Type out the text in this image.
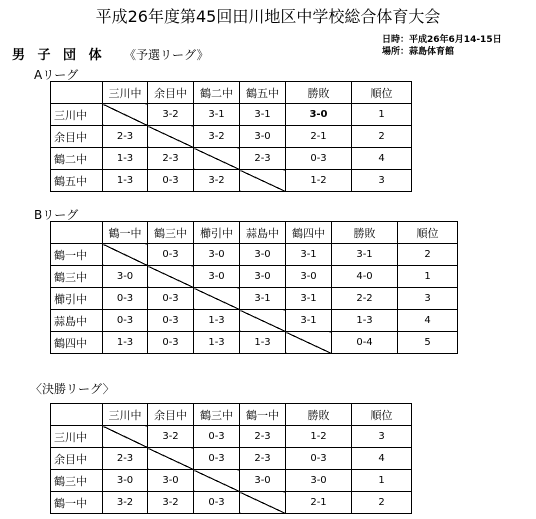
平成26年度第45回田川地区中学校総合体育大会
日時：平成26年6月14-15日
場所：蒜島体育館
男 子 団 体 《予選リーグ》
Aリーグ
	三川中	余目中	鶴二中	鶴五中	勝敗	順位
三川中		3-2	3-1	3-1	3-0	1
余目中	2-3		3-2	3-0	2-1	2
鶴二中	1-3	2-3		2-3	0-3	4
鶴五中	1-3	0-3	3-2		1-2	3
Bリーグ
	鶴一中	鶴三中	櫛引中	蒜島中	鶴四中	勝敗	順位
鶴一中		0-3	3-0	3-0	3-1	3-1	2
鶴三中	3-0		3-0	3-0	3-0	4-0	1
櫛引中	0-3	0-3		3-1	3-1	2-2	3
蒜島中	0-3	0-3	1-3		3-1	1-3	4
鶴四中	1-3	0-3	1-3	1-3		0-4	5
〈決勝リーグ〉
	三川中	余目中	鶴三中	鶴一中	勝敗	順位
三川中		3-2	0-3	2-3	1-2	3
余目中	2-3		0-3	2-3	0-3	4
鶴三中	3-0	3-0		3-0	3-0	1
鶴一中	3-2	3-2	0-3		2-1	2
